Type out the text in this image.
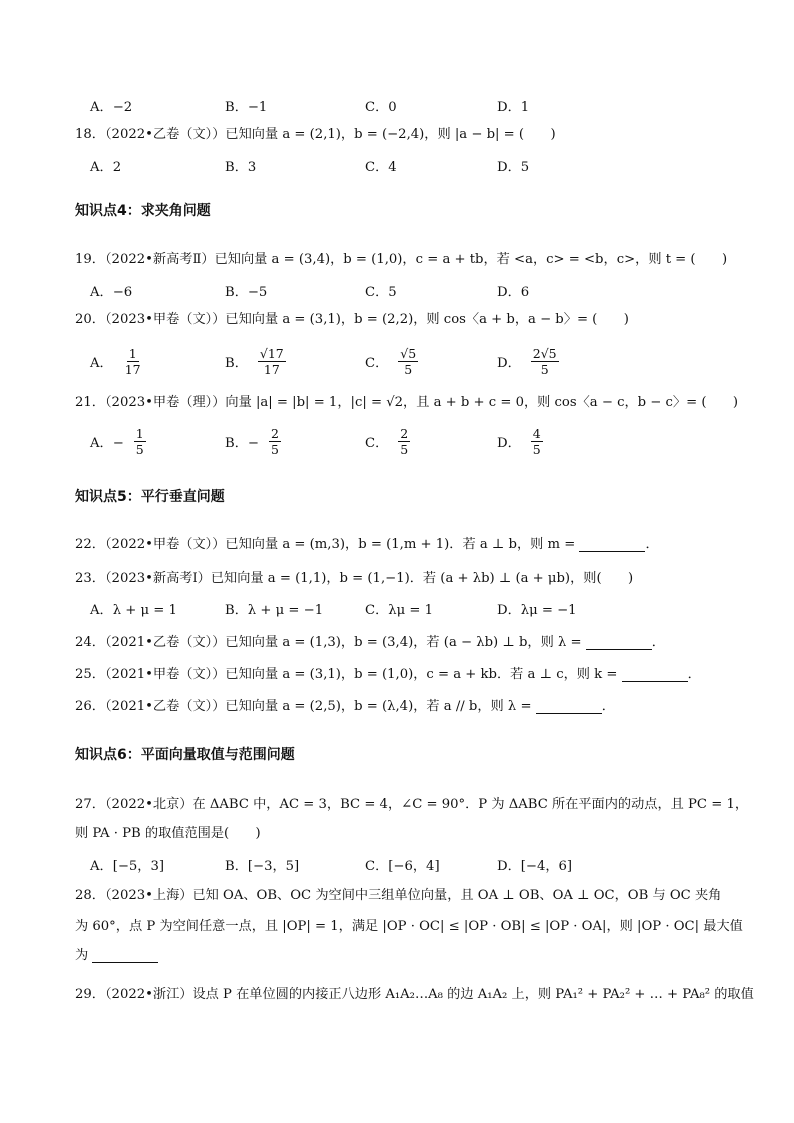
A．−2	B．−1	C．0	D．1
18．（2022•乙卷（文））已知向量 a = (2,1)，b = (−2,4)，则 |a − b| = (　　)
A．2	B．3	C．4	D．5
知识点4：求夹角问题
19．（2022•新高考Ⅱ）已知向量 a = (3,4)，b = (1,0)，c = a + tb，若 <a，c> = <b，c>，则 t = (　　)
A．−6	B．−5	C．5	D．6
20．（2023•甲卷（文））已知向量 a = (3,1)，b = (2,2)，则 cos〈a + b，a − b〉= (　　)
A． $\frac{1}{17}$	B． $\frac{√17}{17}$	C． $\frac{√5}{5}$	D． $\frac{2√5}{5}$
21．（2023•甲卷（理））向量 |a| = |b| = 1，|c| = √2，且 a + b + c = 0，则 cos〈a − c，b − c〉= (　　)
A．− $\frac{1}{5}$	B．− $\frac{2}{5}$	C． $\frac{2}{5}$	D． $\frac{4}{5}$
知识点5：平行垂直问题
22．（2022•甲卷（文））已知向量 a = (m,3)，b = (1,m + 1)．若 a ⊥ b，则 m =	．
23．（2023•新高考Ⅰ）已知向量 a = (1,1)，b = (1,−1)．若 (a + λb) ⊥ (a + μb)，则(　　)
A．λ + μ = 1	B．λ + μ = −1	C．λμ = 1	D．λμ = −1
24．（2021•乙卷（文））已知向量 a = (1,3)，b = (3,4)，若 (a − λb) ⊥ b，则 λ =	．
25．（2021•甲卷（文））已知向量 a = (3,1)，b = (1,0)，c = a + kb．若 a ⊥ c，则 k =	．
26．（2021•乙卷（文））已知向量 a = (2,5)，b = (λ,4)，若 a // b，则 λ =	．
知识点6：平面向量取值与范围问题
27．（2022•北京）在 ΔABC 中，AC = 3，BC = 4，∠C = 90°．P 为 ΔABC 所在平面内的动点，且 PC = 1，
则 PA · PB 的取值范围是(　　)
A．[−5，3]	B．[−3，5]	C．[−6，4]	D．[−4，6]
28．（2023•上海）已知 OA、OB、OC 为空间中三组单位向量，且 OA ⊥ OB、OA ⊥ OC，OB 与 OC 夹角
为 60°，点 P 为空间任意一点，且 |OP| = 1，满足 |OP · OC| ≤ |OP · OB| ≤ |OP · OA|，则 |OP · OC| 最大值
为
29．（2022•浙江）设点 P 在单位圆的内接正八边形 A₁A₂…A₈ 的边 A₁A₂ 上，则 PA₁² + PA₂² + … + PA₈² 的取值
